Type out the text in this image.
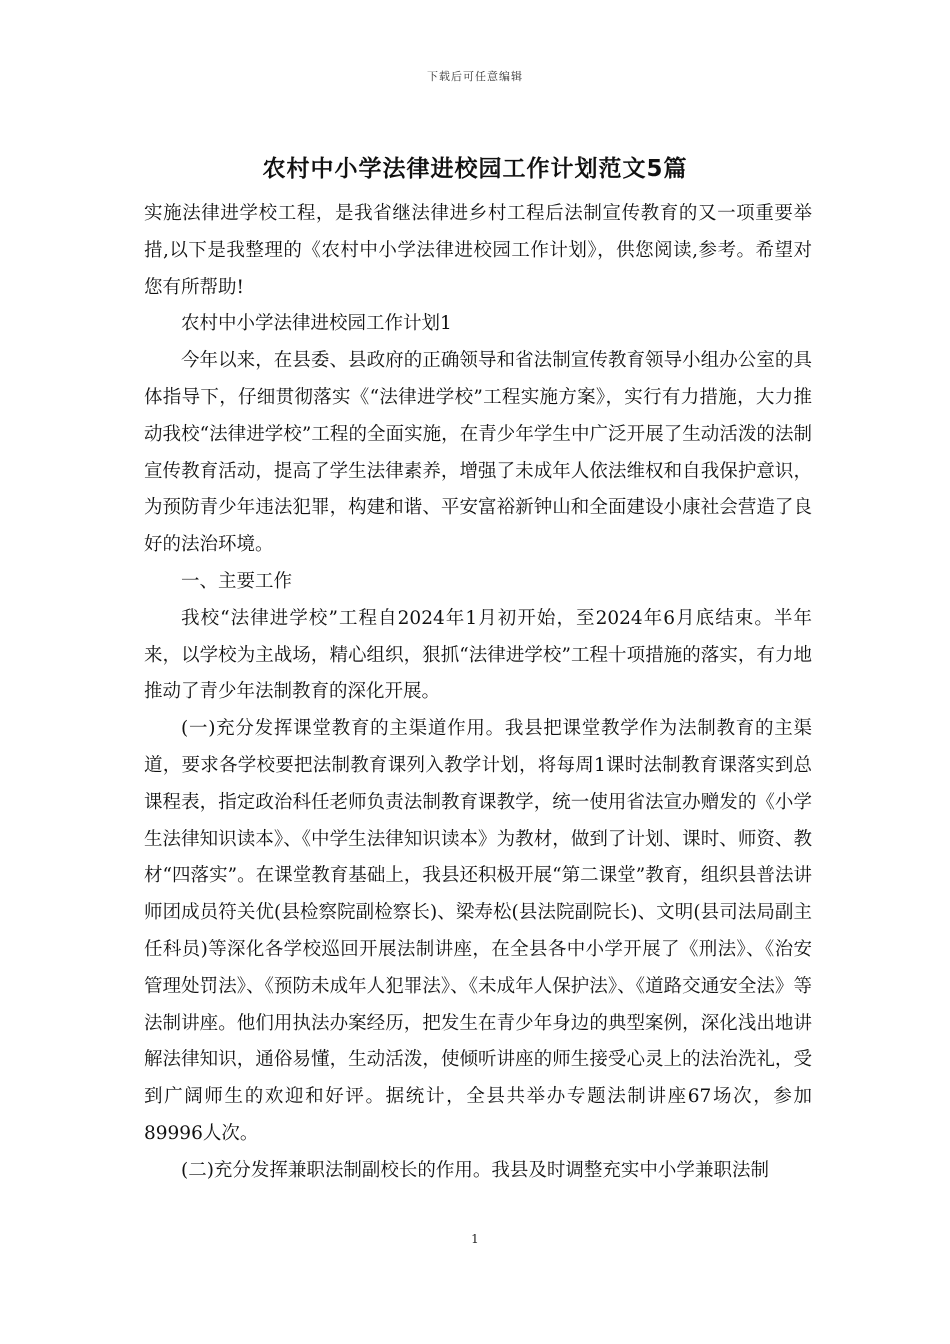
下载后可任意编辑
农村中小学法律进校园工作计划范文5篇

实施法律进学校工程，是我省继法律进乡村工程后法制宣传教育的又一项重要举措,以下是我整理的《农村中小学法律进校园工作计划》，供您阅读,参考。希望对您有所帮助!

农村中小学法律进校园工作计划1

今年以来，在县委、县政府的正确领导和省法制宣传教育领导小组办公室的具体指导下，仔细贯彻落实《“法律进学校”工程实施方案》，实行有力措施，大力推动我校“法律进学校”工程的全面实施，在青少年学生中广泛开展了生动活泼的法制宣传教育活动，提高了学生法律素养，增强了未成年人依法维权和自我保护意识，为预防青少年违法犯罪，构建和谐、平安富裕新钟山和全面建设小康社会营造了良好的法治环境。

一、主要工作

我校“法律进学校”工程自2024年1月初开始，至2024年6月底结束。半年来，以学校为主战场，精心组织，狠抓“法律进学校”工程十项措施的落实，有力地推动了青少年法制教育的深化开展。

(一)充分发挥课堂教育的主渠道作用。我县把课堂教学作为法制教育的主渠道，要求各学校要把法制教育课列入教学计划，将每周1课时法制教育课落实到总课程表，指定政治科任老师负责法制教育课教学，统一使用省法宣办赠发的《小学生法律知识读本》、《中学生法律知识读本》为教材，做到了计划、课时、师资、教材“四落实”。在课堂教育基础上，我县还积极开展“第二课堂”教育，组织县普法讲师团成员符关优(县检察院副检察长)、梁寿松(县法院副院长)、文明(县司法局副主任科员)等深化各学校巡回开展法制讲座，在全县各中小学开展了《刑法》、《治安管理处罚法》、《预防未成年人犯罪法》、《未成年人保护法》、《道路交通安全法》等法制讲座。他们用执法办案经历，把发生在青少年身边的典型案例，深化浅出地讲解法律知识，通俗易懂，生动活泼，使倾听讲座的师生接受心灵上的法治洗礼，受到广阔师生的欢迎和好评。据统计，全县共举办专题法制讲座67场次，参加89996人次。

(二)充分发挥兼职法制副校长的作用。我县及时调整充实中小学兼职法制

1
